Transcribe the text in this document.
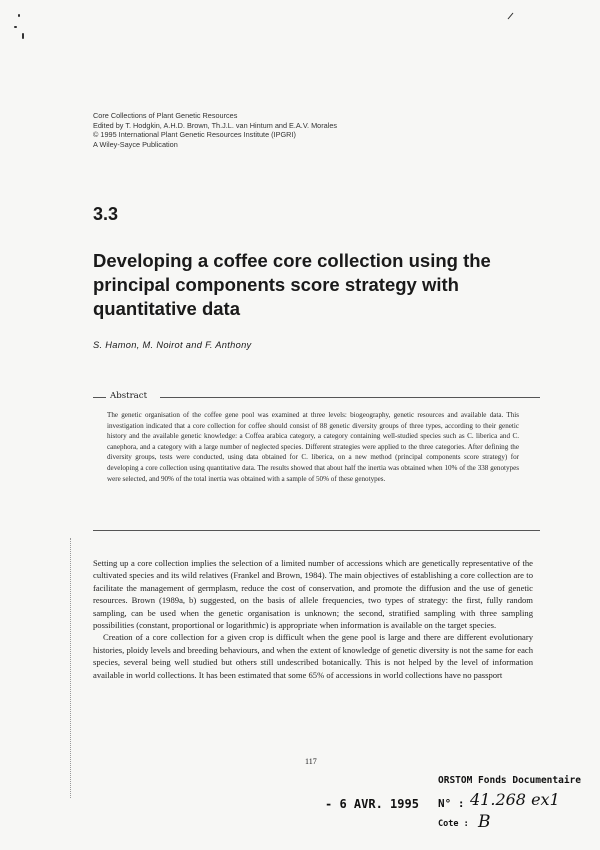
Core Collections of Plant Genetic Resources
Edited by T. Hodgkin, A.H.D. Brown, Th.J.L. van Hintum and E.A.V. Morales
© 1995 International Plant Genetic Resources Institute (IPGRI)
A Wiley-Sayce Publication
3.3
Developing a coffee core collection using the principal components score strategy with quantitative data
S. Hamon, M. Noirot and F. Anthony
Abstract
The genetic organisation of the coffee gene pool was examined at three levels: biogeography, genetic resources and available data. This investigation indicated that a core collection for coffee should consist of 88 genetic diversity groups of three types, according to their genetic history and the available genetic knowledge: a Coffea arabica category, a category containing well-studied species such as C. liberica and C. canephora, and a category with a large number of neglected species. Different strategies were applied to the three categories. After defining the diversity groups, tests were conducted, using data obtained for C. liberica, on a new method (principal components score strategy) for developing a core collection using quantitative data. The results showed that about half the inertia was obtained when 10% of the 338 genotypes were selected, and 90% of the total inertia was obtained with a sample of 50% of these genotypes.

Setting up a core collection implies the selection of a limited number of accessions which are genetically representative of the cultivated species and its wild relatives (Frankel and Brown, 1984). The main objectives of establishing a core collection are to facilitate the management of germplasm, reduce the cost of conservation, and promote the diffusion and the use of genetic resources. Brown (1989a, b) suggested, on the basis of allele frequencies, two types of strategy: the first, fully random sampling, can be used when the genetic organisation is unknown; the second, stratified sampling with three sampling possibilities (constant, proportional or logarithmic) is appropriate when information is available on the target species.

Creation of a core collection for a given crop is difficult when the gene pool is large and there are different evolutionary histories, ploidy levels and breeding behaviours, and when the extent of knowledge of genetic diversity is not the same for each species, several being well studied but others still undescribed botanically. This is not helped by the level of information available in world collections. It has been estimated that some 65% of accessions in world collections have no passport

117
ORSTOM Fonds Documentaire
- 6 AVR. 1995 N° : 41.268 ex1
Cote : B
